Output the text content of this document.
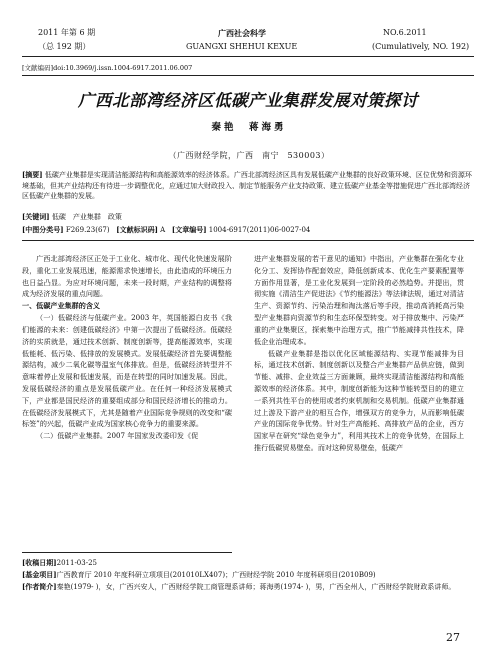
2011 年第 6 期
（总 192 期）
广西社会科学
GUANGXI SHEHUI KEXUE
NO.6.2011
(Cumulatively, NO. 192)
[文献编码]doi:10.3969/j.issn.1004-6917.2011.06.007
广西北部湾经济区低碳产业集群发展对策探讨
秦艳　蒋海勇
（广西财经学院，广西　南宁　530003）

[摘要] 低碳产业集群是实现清洁能源结构和高能源效率的经济体系。广西北部湾经济区具有发展低碳产业集群的良好政策环境、区位优势和资源环境基础，但其产业结构还有待进一步调整优化，应通过加大财政投入、制定节能服务产业支持政策、建立低碳产业基金等措施促进广西北部湾经济区低碳产业集群的发展。

[关键词] 低碳　产业集群　政策
[中图分类号] F269.23(67) [文献标识码] A [文章编号] 1004-6917(2011)06-0027-04

广西北部湾经济区正处于工业化、城市化、现代化快速发展阶段，重化工业发展迅速，能源需求快速增长，由此造成的环境压力也日益凸显。为应对环境问题，未来一段时期，产业结构的调整将成为经济发展的重点问题。

一、低碳产业集群的含义

（一）低碳经济与低碳产业。2003 年，英国能源白皮书《我们能源的未来：创建低碳经济》中第一次提出了低碳经济。低碳经济的实质就是，通过技术创新、制度创新等，提高能源效率，实现低能耗、低污染、低排放的发展模式。发展低碳经济首先要调整能源结构，减少二氧化碳等温室气体排放。但是，低碳经济转型并不意味着停止发展和低速发展，而是在转型的同时加速发展。因此，发展低碳经济的重点是发展低碳产业。在任何一种经济发展模式下，产业都是国民经济的重要组成部分和国民经济增长的推动力。在低碳经济发展模式下，尤其是随着产业国际竞争规则的改变和“碳标签”的兴起，低碳产业成为国家核心竞争力的重要来源。

（二）低碳产业集群。2007 年国家发改委印发《促

进产业集群发展的若干意见的通知》中指出，产业集群在强化专业化分工、发挥协作配套效应，降低创新成本、优化生产要素配置等方面作用显著，是工业化发展到一定阶段的必然趋势。并提出，贯彻实施《清洁生产促进法》《节约能源法》等法律法规，通过对清洁生产、资源节约、污染治理和淘汰落后等手段，推动高消耗高污染型产业集群向资源节约和生态环保型转变。对于排放集中、污染严重的产业集聚区，探索集中治理方式，推广节能减排共性技术，降低企业治理成本。

低碳产业集群是指以优化区域能源结构、实现节能减排为目标，通过技术创新、制度创新以及整合产业集群产品供应链，做到节能、减排、企业效益三方面兼顾，最终实现清洁能源结构和高能源效率的经济体系。其中，制度创新能为这种节能转型目的的建立一系列共性平台的使用或者约束机制和交易机制。低碳产业集群通过上游及下游产业的相互合作，增强双方的竞争力，从而影响低碳产业的国际竞争优势。针对生产高能耗、高排放产品的企业，西方国家早在研究“绿色竞争力”，利用其技术上的竞争优势，在国际上推行低碳贸易壁垒。而对这种贸易壁垒，低碳产

[收稿日期]2011-03-25

[基金项目]广西教育厅 2010 年度科研立项项目(201010LX407)；广西财经学院 2010 年度科研项目(2010B09)

[作者简介]秦艳(1979- )，女，广西兴安人，广西财经学院工商管理系讲师；蒋海勇(1974- )，男，广西全州人，广西财经学院财政系讲师。

27
